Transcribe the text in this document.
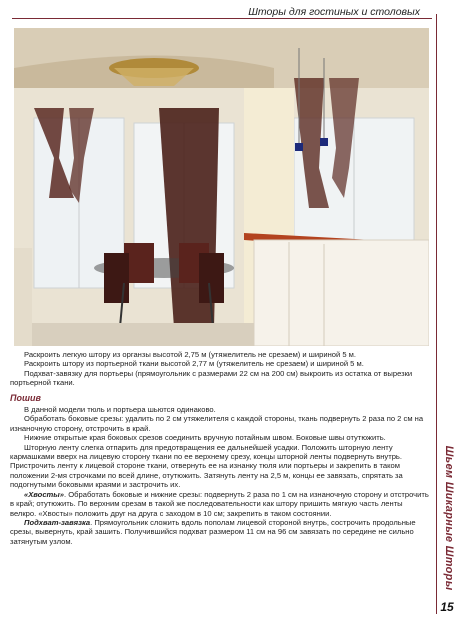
Шторы для гостиных и столовых
Шьем Шикарные Шторы
15

Раскроить легкую штору из органзы высотой 2,75 м (утяжелитель не срезаем) и шириной 5 м.

Раскроить штору из портьерной ткани высотой 2,77 м (утяжелитель не срезаем) и шириной 5 м.

Подхват-завязку для портьеры (прямоугольник с размерами 22 см на 200 см) выкроить из остатка от вырезки портьерной ткани.

Пошив

В данной модели тюль и портьера шьются одинаково.

Обработать боковые срезы: удалить по 2 см утяжелителя с каждой стороны, ткань подвернуть 2 раза по 2 см на изнаночную сторону, отстрочить в край.

Нижние открытые края боковых срезов соединить вручную потайным швом. Боковые швы отутюжить.

Шторную ленту слегка отпарить для предотвращения ее дальнейшей усадки. Положить шторную ленту кармашками вверх на лицевую сторону ткани по ее верхнему срезу, концы шторной ленты подвернуть внутрь. Пристрочить ленту к лицевой стороне ткани, отвернуть ее на изнанку тюля или портьеры и закрепить в таком положении 2-мя строчками по всей длине, отутюжить. Затянуть ленту на 2,5 м, концы ее завязать, спрятать за подогнутыми боковыми краями и застрочить их.

«Хвосты». Обработать боковые и нижние срезы: подвернуть 2 раза по 1 см на изнаночную сторону и отстрочить в край; отутюжить. По верхним срезам в такой же последовательности как штору пришить мягкую часть ленты велкро. «Хвосты» положить друг на друга с заходом в 10 см; закрепить в таком состоянии.

Подхват-завязка. Прямоугольник сложить вдоль пополам лицевой стороной внутрь, сострочить продольные срезы, вывернуть, край зашить. Получившийся подхват размером 11 см на 96 см завязать по середине не сильно затянутым узлом.
